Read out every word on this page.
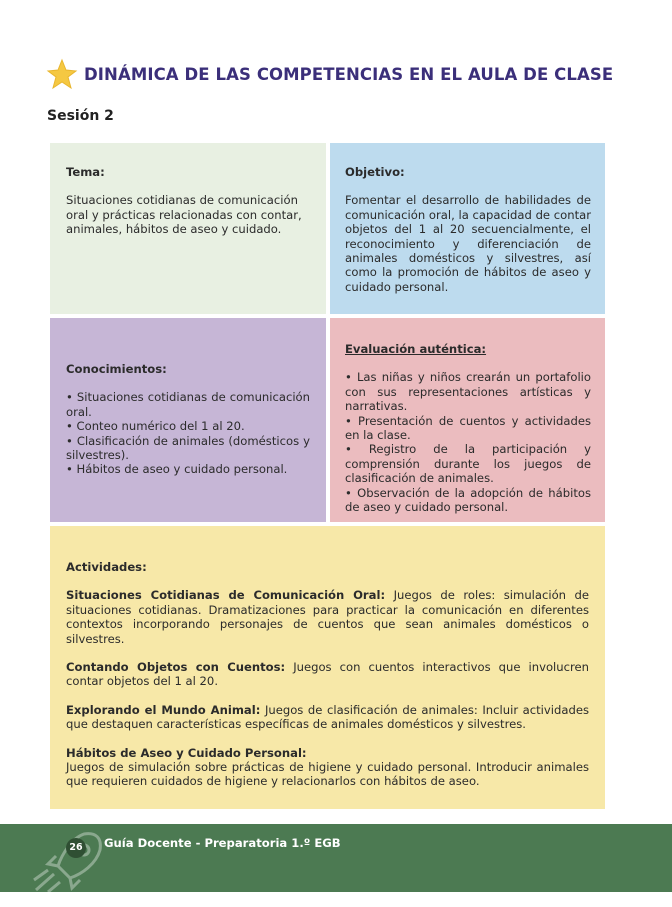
DINÁMICA DE LAS COMPETENCIAS EN EL AULA DE CLASE
Sesión 2
Tema:
Situaciones cotidianas de comunicación oral y prácticas relacionadas con contar, animales, hábitos de aseo y cuidado.
Objetivo:
Fomentar el desarrollo de habilidades de comunicación oral, la capacidad de contar objetos del 1 al 20 secuencialmente, el reconocimiento y diferenciación de animales domésticos y silvestres, así como la promoción de hábitos de aseo y cuidado personal.
Conocimientos:
• Situaciones cotidianas de comunicación oral.
• Conteo numérico del 1 al 20.
• Clasificación de animales (domésticos y silvestres).
• Hábitos de aseo y cuidado personal.
Evaluación auténtica:
• Las niñas y niños crearán un portafolio con sus representaciones artísticas y narrativas.
• Presentación de cuentos y actividades en la clase.
• Registro de la participación y comprensión durante los juegos de clasificación de animales.
• Observación de la adopción de hábitos de aseo y cuidado personal.
Actividades:
Situaciones Cotidianas de Comunicación Oral: Juegos de roles: simulación de situaciones cotidianas. Dramatizaciones para practicar la comunicación en diferentes contextos incorporando personajes de cuentos que sean animales domésticos o silvestres.
Contando Objetos con Cuentos: Juegos con cuentos interactivos que involucren contar objetos del 1 al 20.
Explorando el Mundo Animal: Juegos de clasificación de animales: Incluir actividades que destaquen características específicas de animales domésticos y silvestres.
Hábitos de Aseo y Cuidado Personal:
Juegos de simulación sobre prácticas de higiene y cuidado personal. Introducir animales que requieren cuidados de higiene y relacionarlos con hábitos de aseo.
26 Guía Docente - Preparatoria 1.º EGB
